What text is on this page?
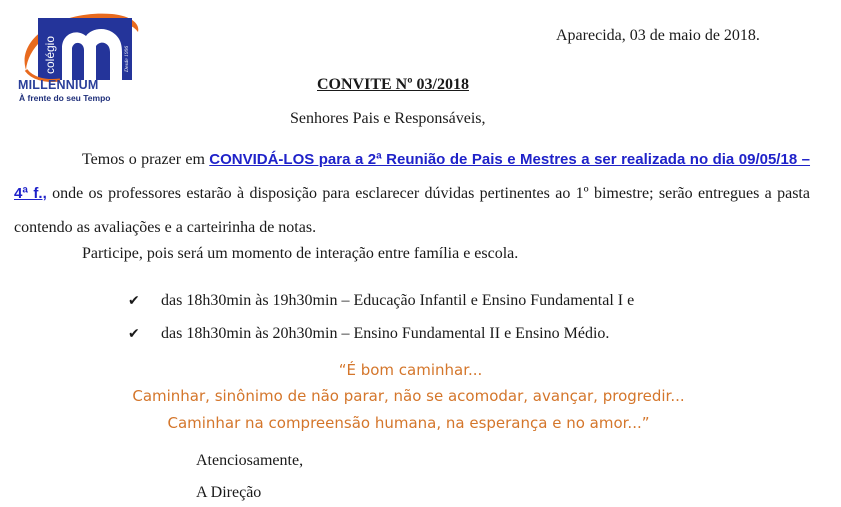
colégio	Desde 1996
MILLENNIUM
À frente do seu Tempo
Aparecida, 03 de maio de 2018.
CONVITE Nº 03/2018
Senhores Pais e Responsáveis,
Temos o prazer em CONVIDÁ-LOS para a 2ª Reunião de Pais e Mestres a ser realizada no dia 09/05/18 – 4ª f., onde os professores estarão à disposição para esclarecer dúvidas pertinentes ao 1º bimestre; serão entregues a pasta contendo as avaliações e a carteirinha de notas.
Participe, pois será um momento de interação entre família e escola.
✔ das 18h30min às 19h30min – Educação Infantil e Ensino Fundamental I e
✔ das 18h30min às 20h30min – Ensino Fundamental II e Ensino Médio.
“É bom caminhar...
Caminhar, sinônimo de não parar, não se acomodar, avançar, progredir...
Caminhar na compreensão humana, na esperança e no amor...”
Atenciosamente,
A Direção
